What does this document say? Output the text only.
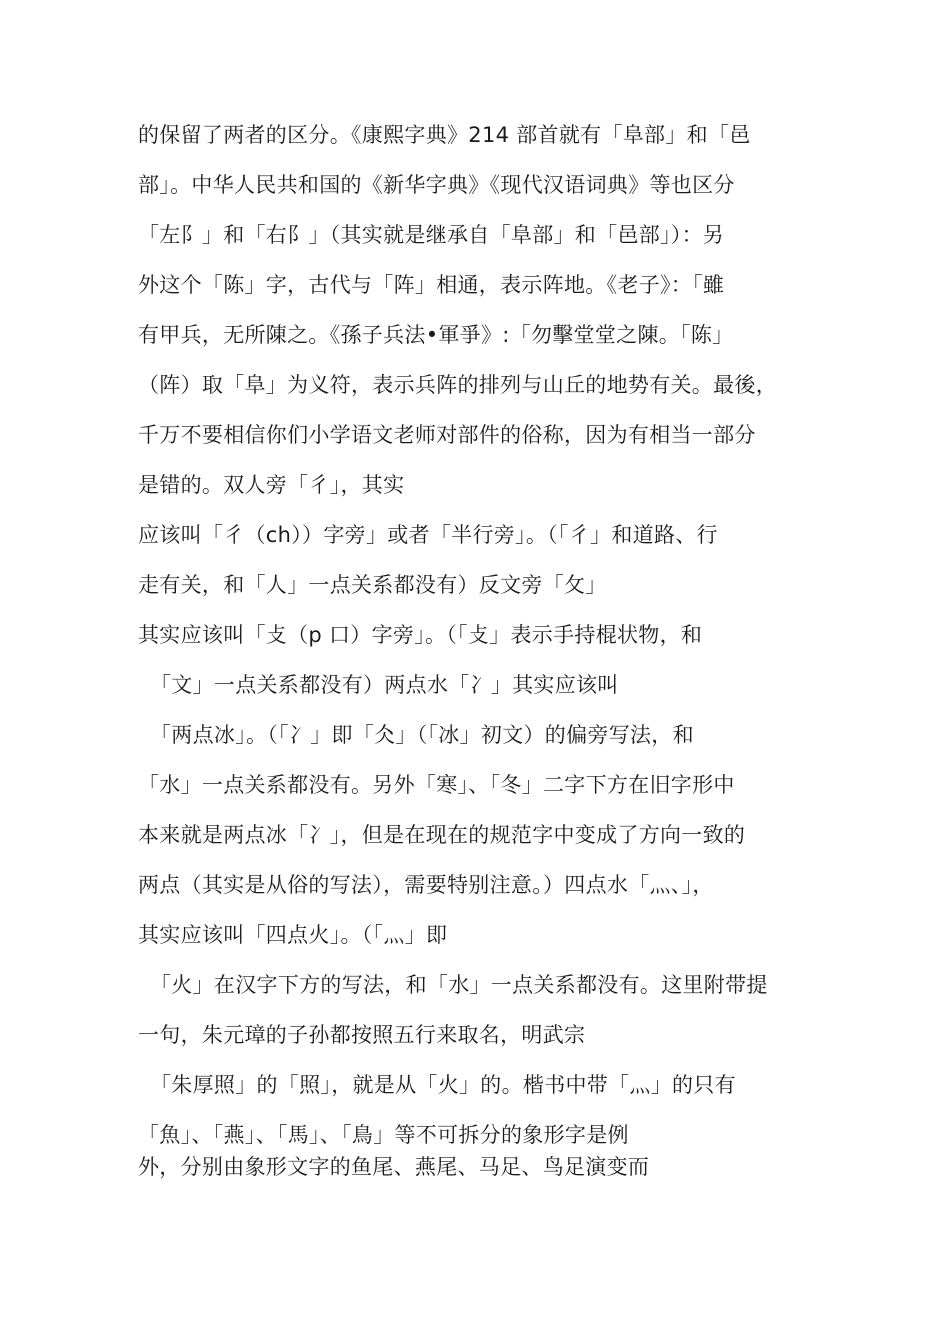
的保留了两者的区分。《康熙字典》214 部首就有「阜部」和「邑
部」。中华人民共和国的《新华字典》《现代汉语词典》等也区分
「左阝」和「右阝」（其实就是继承自「阜部」和「邑部」）：另
外这个「陈」字，古代与「阵」相通，表示阵地。《老子》：「雖
有甲兵，无所陳之。《孫子兵法•軍爭》:「勿擊堂堂之陳。「陈」
（阵）取「阜」为义符，表示兵阵的排列与山丘的地势有关。最後，
千万不要相信你们小学语文老师对部件的俗称，因为有相当一部分
是错的。双人旁「彳」，其实
应该叫「彳（ch））字旁」或者「半行旁」。（「彳」和道路、行
走有关，和「人」一点关系都没有）反文旁「攵」
其实应该叫「攴（p 口）字旁」。（「攴」表示手持棍状物，和
「文」一点关系都没有）两点水「冫」其实应该叫
「两点冰」。（「冫」即「仌」（「冰」初文）的偏旁写法，和
「水」一点关系都没有。另外「寒」、「冬」二字下方在旧字形中
本来就是两点冰「冫」，但是在现在的规范字中变成了方向一致的
两点（其实是从俗的写法），需要特别注意。）四点水「灬、」，
其实应该叫「四点火」。（「灬」即
「火」在汉字下方的写法，和「水」一点关系都没有。这里附带提
一句，朱元璋的子孙都按照五行来取名，明武宗
「朱厚照」的「照」，就是从「火」的。楷书中带「灬」的只有
「魚」、「燕」、「馬」、「鳥」等不可拆分的象形字是例
外，分别由象形文字的鱼尾、燕尾、马足、鸟足演变而
